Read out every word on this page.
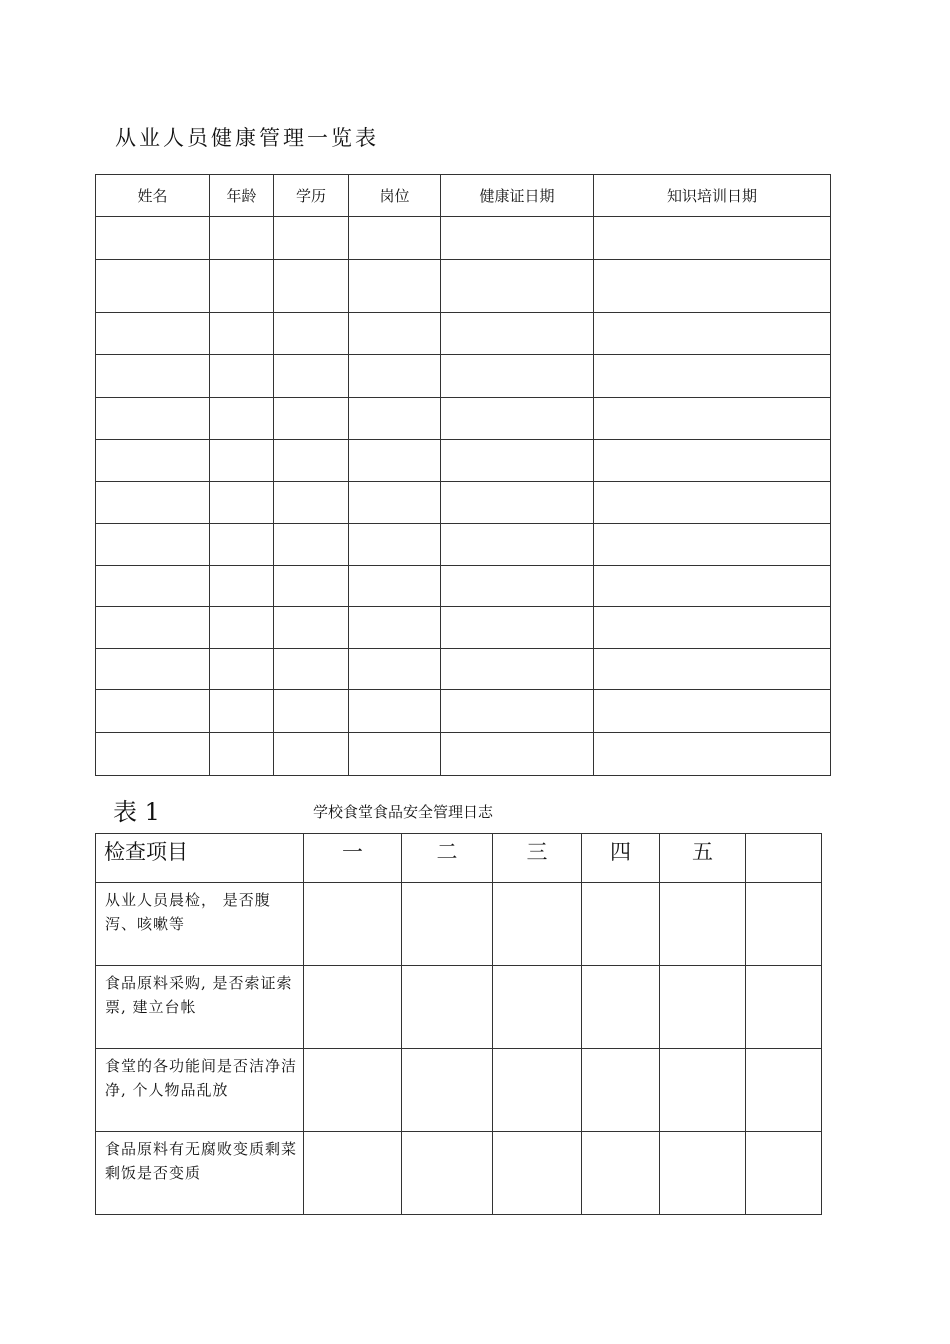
从业人员健康管理一览表
姓名	年龄	学历	岗位	健康证日期	知识培训日期

表 1	学校食堂食品安全管理日志
检查项目	一	二	三	四	五	
从业人员晨检， 是否腹泻、咳嗽等						
食品原料采购, 是否索证索票, 建立台帐						
食堂的各功能间是否洁净洁净, 个人物品乱放						
食品原料有无腐败变质剩菜剩饭是否变质						
